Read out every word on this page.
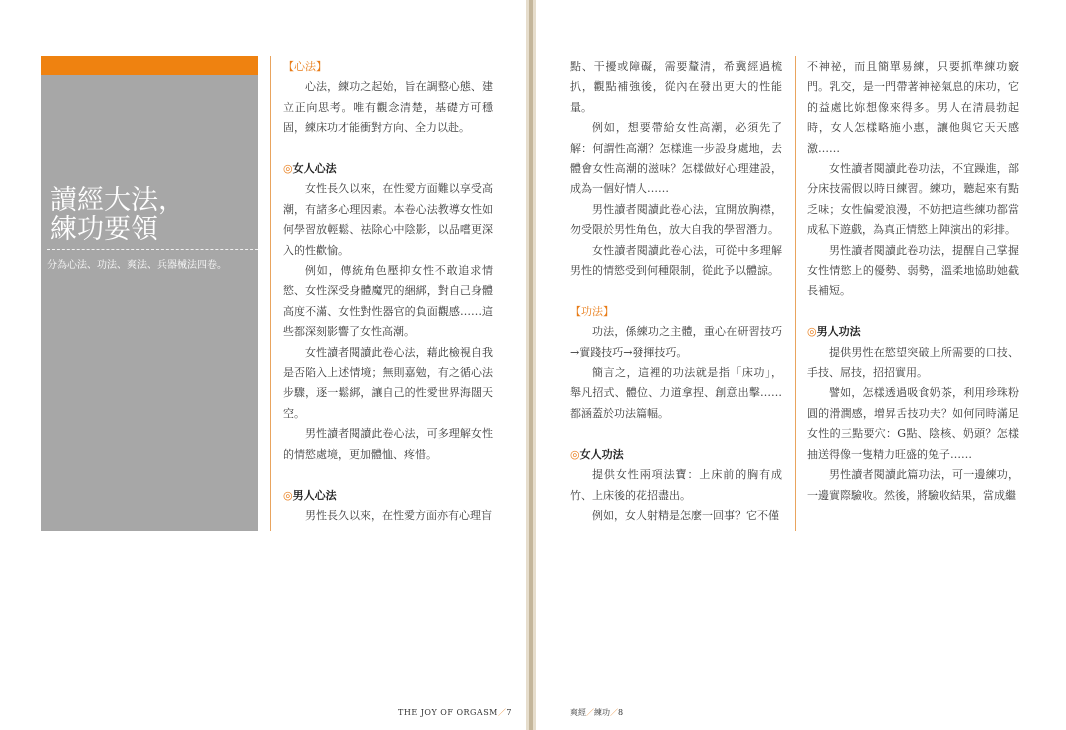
讀經大法，
練功要領
分為心法、功法、爽法、兵器械法四卷。

【心法】

心法，練功之起始，旨在調整心態、建立正向思考。唯有觀念清楚，基礎方可穩固，練床功才能衝對方向、全力以赴。

◎女人心法

女性長久以來，在性愛方面難以享受高潮，有諸多心理因素。本卷心法教導女性如何學習放輕鬆、祛除心中陰影，以品嚐更深入的性歡愉。

例如，傳統角色壓抑女性不敢追求情慾、女性深受身體魔咒的綑綁，對自己身體高度不滿、女性對性器官的負面觀感……這些都深刻影響了女性高潮。

女性讀者閱讀此卷心法，藉此檢視自我是否陷入上述情境；無則嘉勉，有之循心法步驟，逐一鬆綁，讓自己的性愛世界海闊天空。

男性讀者閱讀此卷心法，可多理解女性的情慾處境，更加體恤、疼惜。

◎男人心法

男性長久以來，在性愛方面亦有心理盲

點、干擾或障礙，需要釐清，希冀經過梳扒，觀點補強後，從內在發出更大的性能量。

例如，想要帶給女性高潮，必須先了解：何謂性高潮？怎樣進一步設身處地，去體會女性高潮的滋味？怎樣做好心理建設，成為一個好情人……

男性讀者閱讀此卷心法，宜開放胸襟，勿受限於男性角色，放大自我的學習潛力。

女性讀者閱讀此卷心法，可從中多理解男性的情慾受到何種限制，從此予以體諒。

【功法】

功法，係練功之主體，重心在研習技巧→實踐技巧→發揮技巧。

簡言之，這裡的功法就是指「床功」，舉凡招式、體位、力道拿捏、創意出擊……都涵蓋於功法篇幅。

◎女人功法

提供女性兩項法寶：上床前的胸有成竹、上床後的花招盡出。

例如，女人射精是怎麼一回事？它不僅

不神祕，而且簡單易練，只要抓準練功竅門。乳交，是一門帶著神祕氣息的床功，它的益處比妳想像來得多。男人在清晨勃起時，女人怎樣略施小惠，讓他與它天天感激……

女性讀者閱讀此卷功法，不宜躁進，部分床技需假以時日練習。練功，聽起來有點乏味；女性偏愛浪漫，不妨把這些練功都當成私下遊戲，為真正情慾上陣演出的彩排。

男性讀者閱讀此卷功法，提醒自己掌握女性情慾上的優勢、弱勢，溫柔地協助她截長補短。

◎男人功法

提供男性在慾望突破上所需要的口技、手技、屌技，招招實用。

譬如，怎樣透過吸食奶茶，利用珍珠粉圓的滑潤感，增昇舌技功夫？如何同時滿足女性的三點要穴：G點、陰核、奶頭？怎樣抽送得像一隻精力旺盛的兔子……

男性讀者閱讀此篇功法，可一邊練功，一邊實際驗收。然後，將驗收結果，當成繼

THE JOY OF ORGASM／7	爽經／練功／8
